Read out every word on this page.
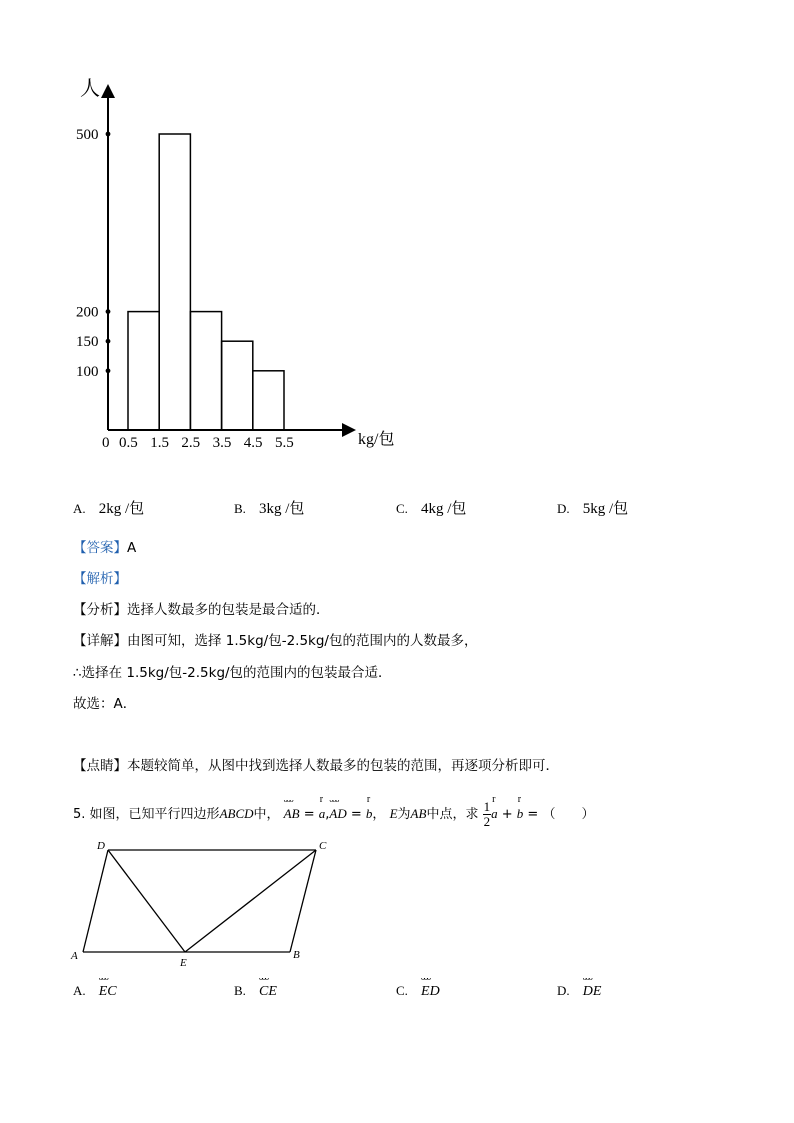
人
kg/包
100
150
200
500
0 0.5 1.5 2.5 3.5 4.5 5.5
A. 2kg /包	B. 3kg /包	C. 4kg /包	D. 5kg /包
【答案】A
【解析】
【分析】选择人数最多的包装是最合适的．
【详解】由图可知，选择 1.5kg/包-2.5kg/包的范围内的人数最多，
∴选择在 1.5kg/包-2.5kg/包的范围内的包装最合适．
故选：A．
【点睛】本题较简单，从图中找到选择人数最多的包装的范围，再逐项分析即可．
5. 如图，已知平行四边形ABCD中， ᴗᴗᴗ AB = r a,ᴗᴗᴗ AD = r b， E为AB中点，求 $\frac{1}{2}$ r a + r b = （　　）
D	C
A	B
E
A. ᴗᴗᴗ EC	B. ᴗᴗᴗ CE	C. ᴗᴗᴗ ED	D. ᴗᴗᴗ DE
